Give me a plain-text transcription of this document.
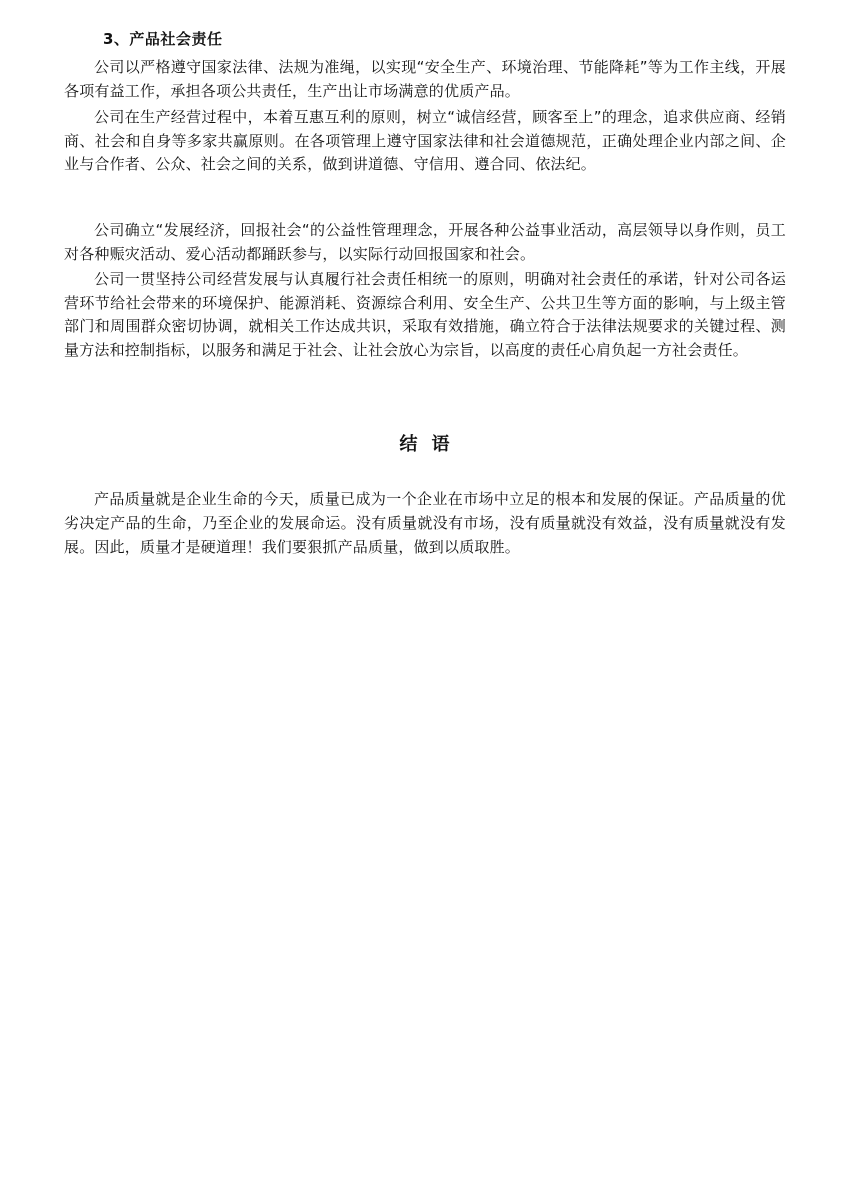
3、产品社会责任

公司以严格遵守国家法律、法规为准绳，以实现“安全生产、环境治理、节能降耗”等为工作主线，开展各项有益工作，承担各项公共责任，生产出让市场满意的优质产品。

公司在生产经营过程中，本着互惠互利的原则，树立“诚信经营，顾客至上”的理念，追求供应商、经销商、社会和自身等多家共赢原则。在各项管理上遵守国家法律和社会道德规范，正确处理企业内部之间、企业与合作者、公众、社会之间的关系，做到讲道德、守信用、遵合同、依法纪。

公司确立“发展经济，回报社会“的公益性管理理念，开展各种公益事业活动，高层领导以身作则，员工对各种赈灾活动、爱心活动都踊跃参与，以实际行动回报国家和社会。

公司一贯坚持公司经营发展与认真履行社会责任相统一的原则，明确对社会责任的承诺，针对公司各运营环节给社会带来的环境保护、能源消耗、资源综合利用、安全生产、公共卫生等方面的影响，与上级主管部门和周围群众密切协调，就相关工作达成共识，采取有效措施，确立符合于法律法规要求的关键过程、测量方法和控制指标，以服务和满足于社会、让社会放心为宗旨，以高度的责任心肩负起一方社会责任。

结语

产品质量就是企业生命的今天，质量已成为一个企业在市场中立足的根本和发展的保证。产品质量的优劣决定产品的生命，乃至企业的发展命运。没有质量就没有市场，没有质量就没有效益，没有质量就没有发展。因此，质量才是硬道理！我们要狠抓产品质量，做到以质取胜。
